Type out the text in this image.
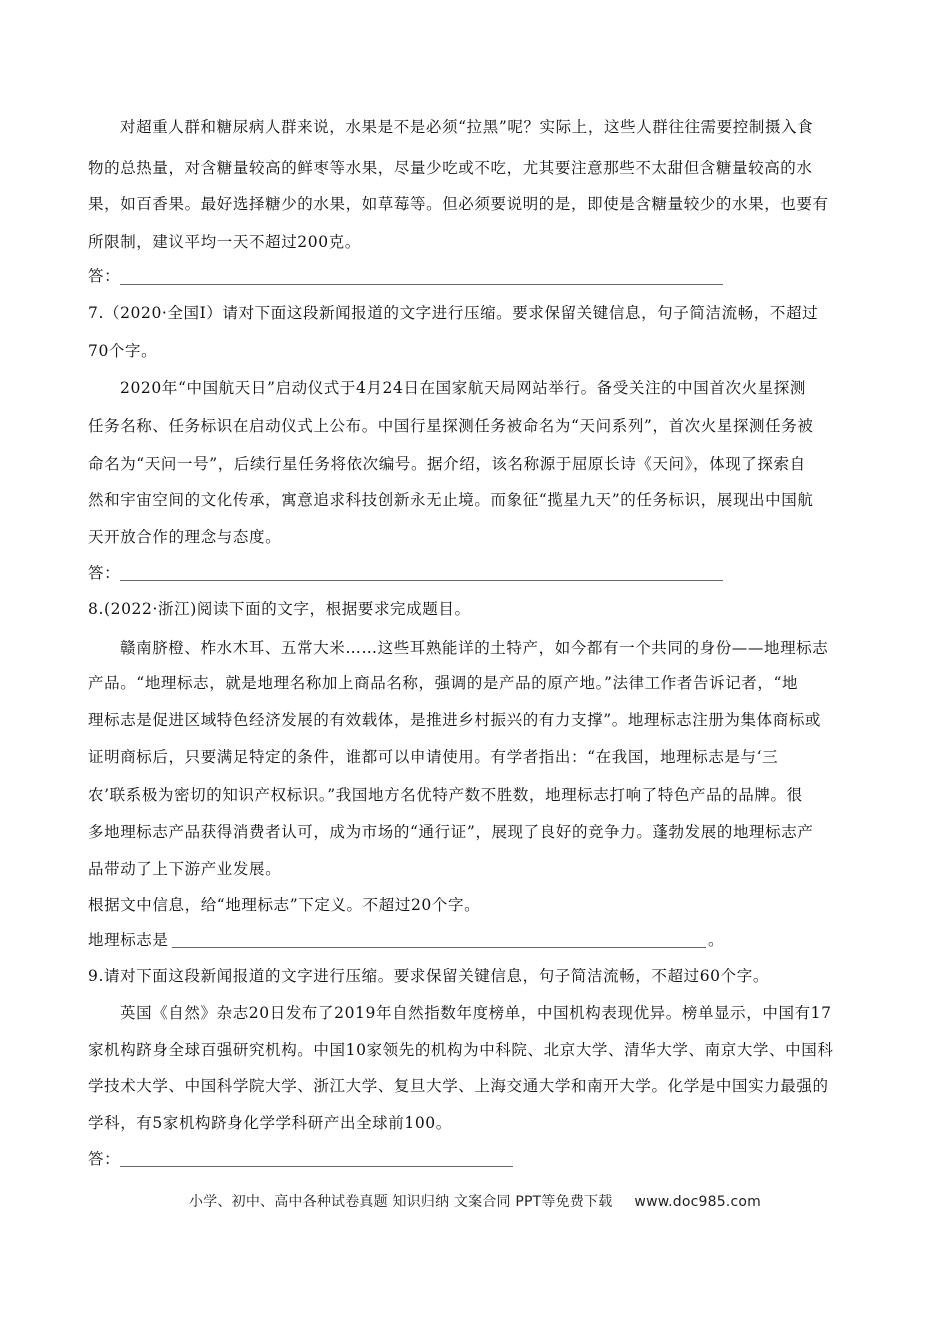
对超重人群和糖尿病人群来说，水果是不是必须“拉黑”呢？实际上，这些人群往往需要控制摄入食
物的总热量，对含糖量较高的鲜枣等水果，尽量少吃或不吃，尤其要注意那些不太甜但含糖量较高的水
果，如百香果。最好选择糖少的水果，如草莓等。但必须要说明的是，即使是含糖量较少的水果，也要有
所限制，建议平均一天不超过200克。
答：
7.（2020·全国Ⅰ）请对下面这段新闻报道的文字进行压缩。要求保留关键信息，句子简洁流畅，不超过
70个字。
2020年“中国航天日”启动仪式于4月24日在国家航天局网站举行。备受关注的中国首次火星探测
任务名称、任务标识在启动仪式上公布。中国行星探测任务被命名为“天问系列”，首次火星探测任务被
命名为“天问一号”，后续行星任务将依次编号。据介绍，该名称源于屈原长诗《天问》，体现了探索自
然和宇宙空间的文化传承，寓意追求科技创新永无止境。而象征“揽星九天”的任务标识，展现出中国航
天开放合作的理念与态度。
答：
8.(2022·浙江)阅读下面的文字，根据要求完成题目。
赣南脐橙、柞水木耳、五常大米……这些耳熟能详的土特产，如今都有一个共同的身份——地理标志
产品。“地理标志，就是地理名称加上商品名称，强调的是产品的原产地。”法律工作者告诉记者，“地
理标志是促进区域特色经济发展的有效载体，是推进乡村振兴的有力支撑”。地理标志注册为集体商标或
证明商标后，只要满足特定的条件，谁都可以申请使用。有学者指出：“在我国，地理标志是与‘三
农’联系极为密切的知识产权标识。”我国地方名优特产数不胜数，地理标志打响了特色产品的品牌。很
多地理标志产品获得消费者认可，成为市场的“通行证”，展现了良好的竞争力。蓬勃发展的地理标志产
品带动了上下游产业发展。
根据文中信息，给“地理标志”下定义。不超过20个字。
地理标志是	。
9.请对下面这段新闻报道的文字进行压缩。要求保留关键信息，句子简洁流畅，不超过60个字。
英国《自然》杂志20日发布了2019年自然指数年度榜单，中国机构表现优异。榜单显示，中国有17
家机构跻身全球百强研究机构。中国10家领先的机构为中科院、北京大学、清华大学、南京大学、中国科
学技术大学、中国科学院大学、浙江大学、复旦大学、上海交通大学和南开大学。化学是中国实力最强的
学科，有5家机构跻身化学学科研产出全球前100。
答：
小学、初中、高中各种试卷真题 知识归纳 文案合同 PPT等免费下载 www.doc985.com
